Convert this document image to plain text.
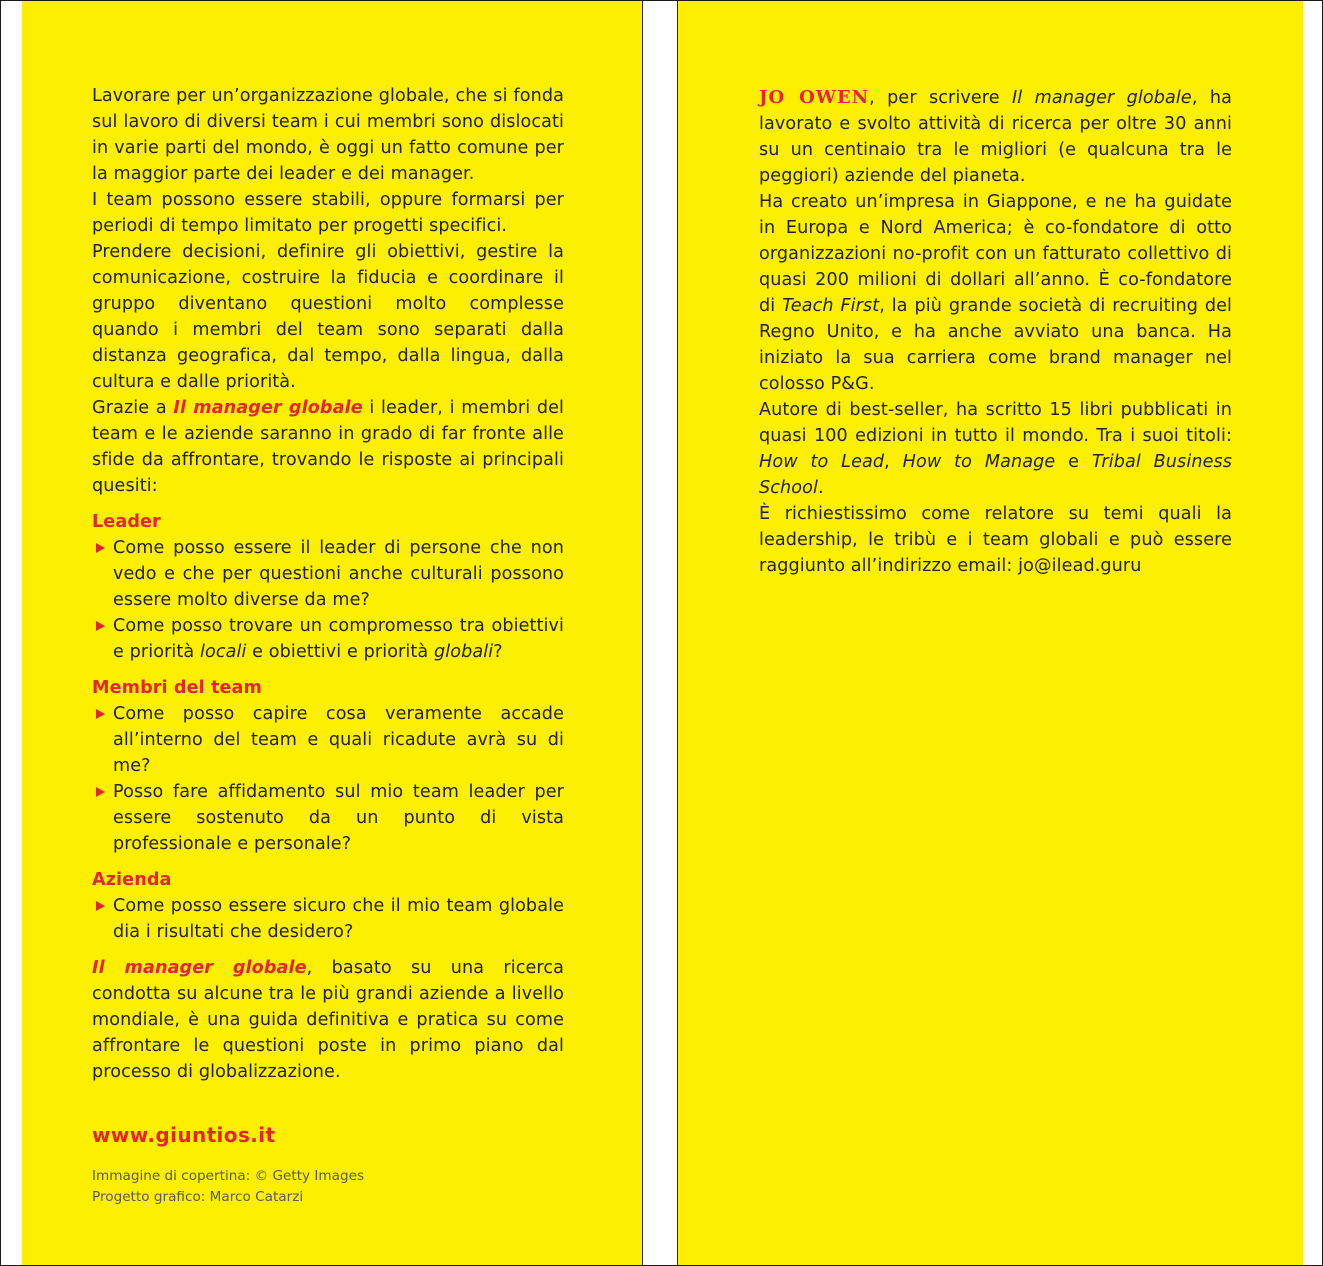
Lavorare per un’organizzazione globale, che si fonda sul lavoro di diversi team i cui membri sono dislocati in varie parti del mondo, è oggi un fatto comune per la maggior parte dei leader e dei manager.

I team possono essere stabili, oppure formarsi per periodi di tempo limitato per progetti specifici.

Prendere decisioni, definire gli obiettivi, gestire la comunicazione, costruire la fiducia e coordinare il gruppo diventano questioni molto complesse quando i membri del team sono separati dalla distanza geografica, dal tempo, dalla lingua, dalla cultura e dalle priorità.

Grazie a Il manager globale i leader, i membri del team e le aziende saranno in grado di far fronte alle sfide da affrontare, trovando le risposte ai principali quesiti:

Leader

Come posso essere il leader di persone che non vedo e che per questioni anche culturali possono essere molto diverse da me?
Come posso trovare un compromesso tra obiettivi e priorità locali e obiettivi e priorità globali?

Membri del team

Come posso capire cosa veramente accade all’interno del team e quali ricadute avrà su di me?
Posso fare affidamento sul mio team leader per essere sostenuto da un punto di vista professionale e personale?

Azienda

Come posso essere sicuro che il mio team globale dia i risultati che desidero?

Il manager globale, basato su una ricerca condotta su alcune tra le più grandi aziende a livello mondiale, è una guida definitiva e pratica su come affrontare le questioni poste in primo piano dal processo di globalizzazione.

www.giuntios.it
Immagine di copertina: © Getty Images
Progetto grafico: Marco Catarzi

JO OWEN, per scrivere Il manager globale, ha lavorato e svolto attività di ricerca per oltre 30 anni su un centinaio tra le migliori (e qualcuna tra le peggiori) aziende del pianeta.

Ha creato un’impresa in Giappone, e ne ha guidate in Europa e Nord America; è co-fondatore di otto organizzazioni no-profit con un fatturato collettivo di quasi 200 milioni di dollari all’anno. È co-fondatore di Teach First, la più grande società di recruiting del Regno Unito, e ha anche avviato una banca. Ha iniziato la sua carriera come brand manager nel colosso P&G.

Autore di best-seller, ha scritto 15 libri pubblicati in quasi 100 edizioni in tutto il mondo. Tra i suoi titoli: How to Lead, How to Manage e Tribal Business School.

È richiestissimo come relatore su temi quali la leadership, le tribù e i team globali e può essere raggiunto all’indirizzo email: jo@ilead.guru
